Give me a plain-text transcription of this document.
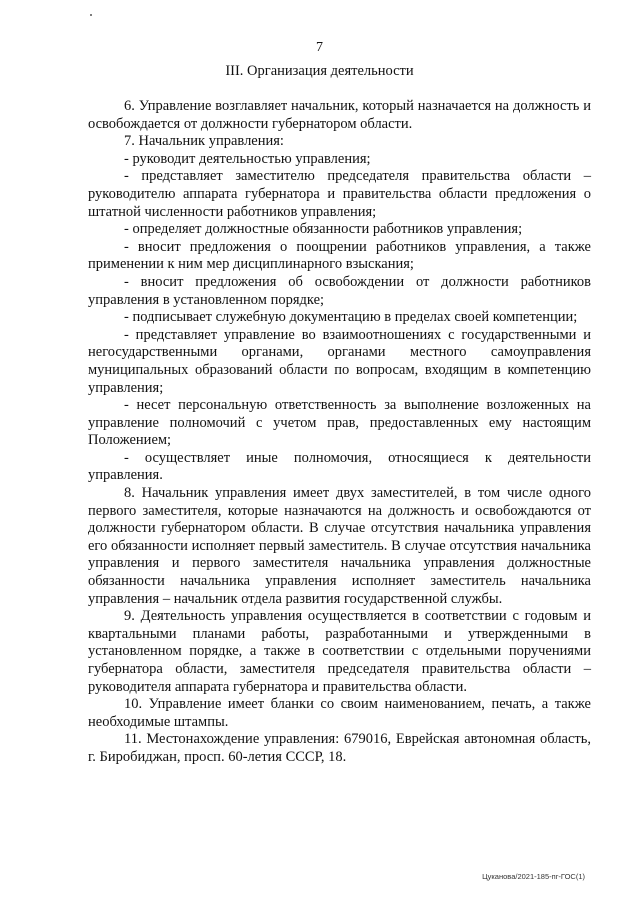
7
III. Организация деятельности

6. Управление возглавляет начальник, который назначается на должность и освобождается от должности губернатором области.

7. Начальник управления:

- руководит деятельностью управления;

- представляет заместителю председателя правительства области – руководителю аппарата губернатора и правительства области предложения о штатной численности работников управления;

- определяет должностные обязанности работников управления;

- вносит предложения о поощрении работников управления, а также применении к ним мер дисциплинарного взыскания;

- вносит предложения об освобождении от должности работников управления в установленном порядке;

- подписывает служебную документацию в пределах своей компетенции;

- представляет управление во взаимоотношениях с государственными и негосударственными органами, органами местного самоуправления муниципальных образований области по вопросам, входящим в компетенцию управления;

- несет персональную ответственность за выполнение возложенных на управление полномочий с учетом прав, предоставленных ему настоящим Положением;

- осуществляет иные полномочия, относящиеся к деятельности управления.

8. Начальник управления имеет двух заместителей, в том числе одного первого заместителя, которые назначаются на должность и освобождаются от должности губернатором области. В случае отсутствия начальника управления его обязанности исполняет первый заместитель. В случае отсутствия начальника управления и первого заместителя начальника управления должностные обязанности начальника управления исполняет заместитель начальника управления – начальник отдела развития государственной службы.

9. Деятельность управления осуществляется в соответствии с годовым и квартальными планами работы, разработанными и утвержденными в установленном порядке, а также в соответствии с отдельными поручениями губернатора области, заместителя председателя правительства области – руководителя аппарата губернатора и правительства области.

10. Управление имеет бланки со своим наименованием, печать, а также необходимые штампы.

11. Местонахождение управления: 679016, Еврейская автономная область, г. Биробиджан, просп. 60-летия СССР, 18.

Цуканова/2021-185-пг-ГОС(1)
